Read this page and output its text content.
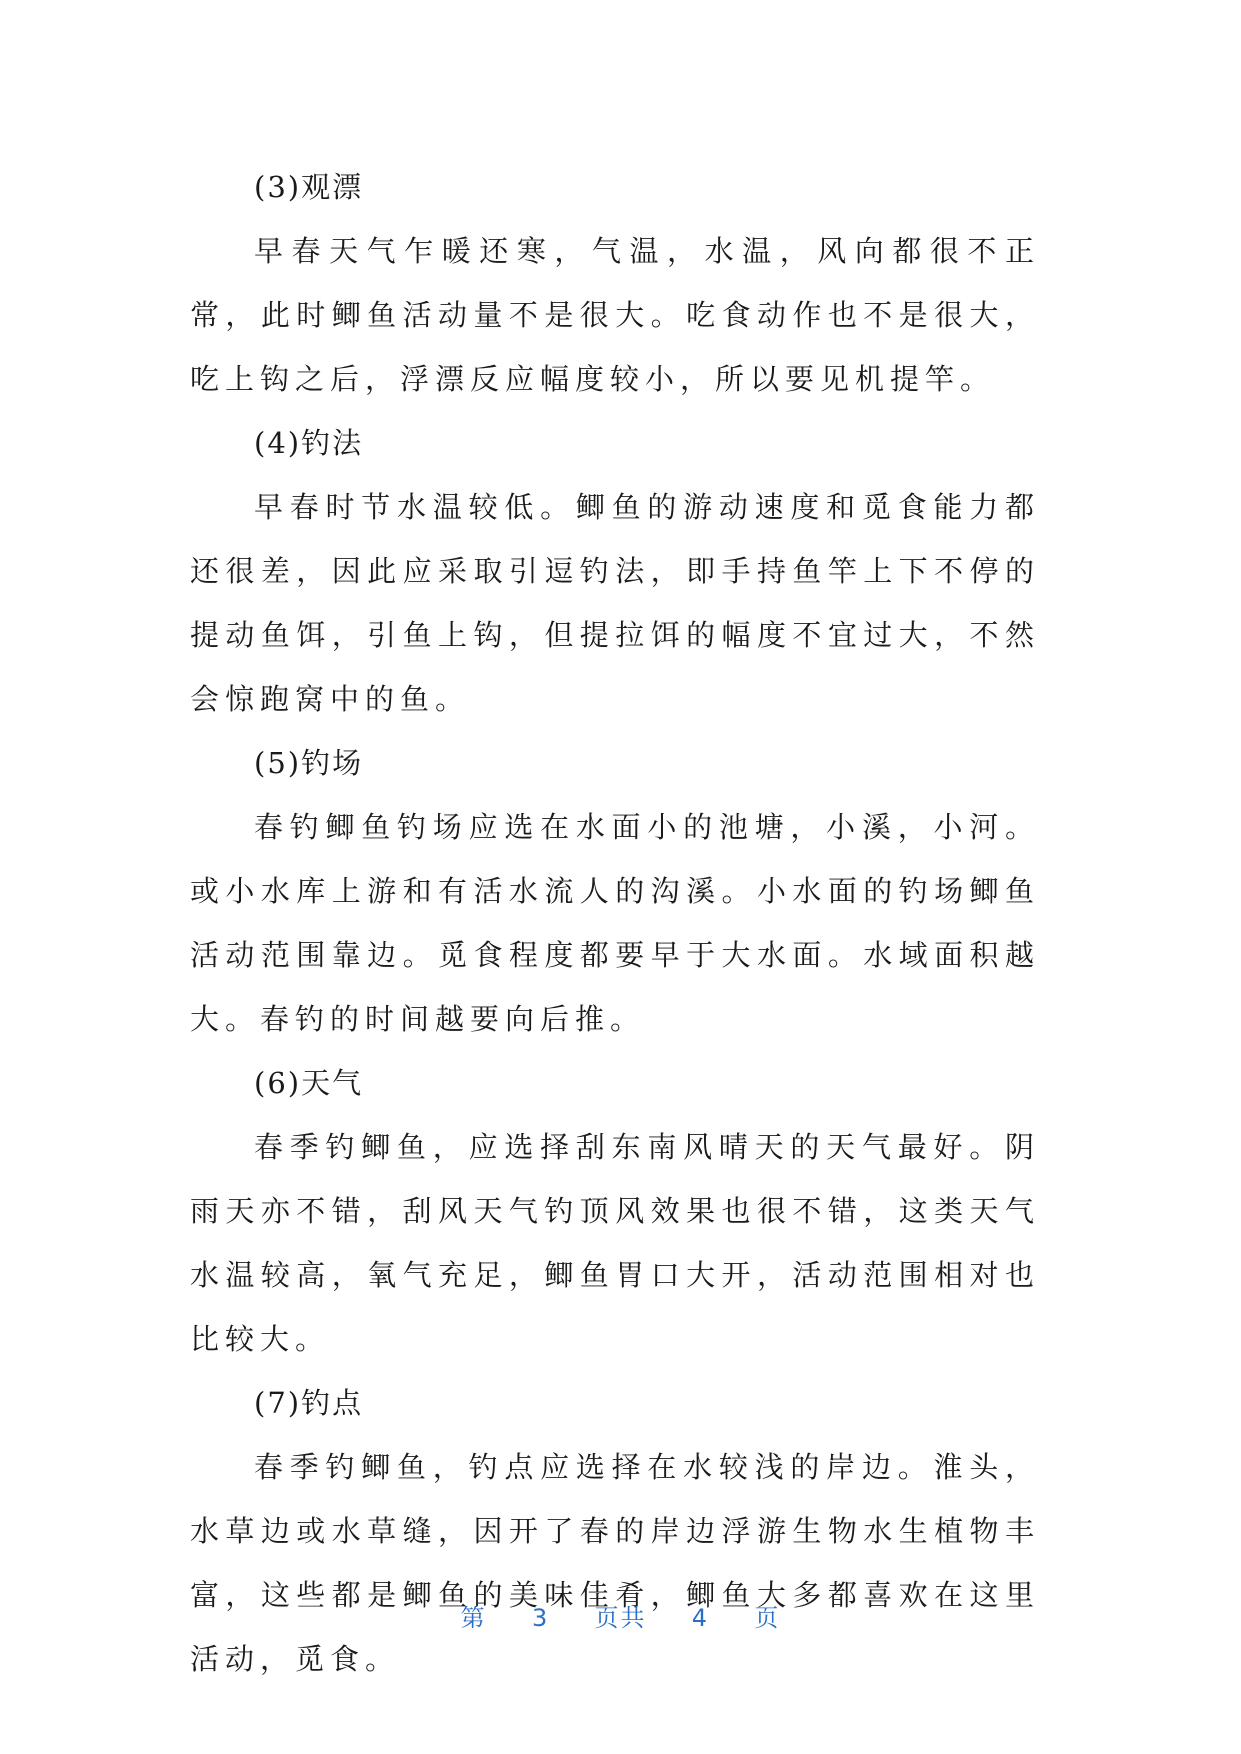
(3)观漂

早春天气乍暖还寒，气温，水温，风向都很不正常，此时鲫鱼活动量不是很大。吃食动作也不是很大，吃上钩之后，浮漂反应幅度较小，所以要见机提竿。

(4)钓法

早春时节水温较低。鲫鱼的游动速度和觅食能力都还很差，因此应采取引逗钓法，即手持鱼竿上下不停的提动鱼饵，引鱼上钩，但提拉饵的幅度不宜过大，不然会惊跑窝中的鱼。

(5)钓场

春钓鲫鱼钓场应选在水面小的池塘，小溪，小河。或小水库上游和有活水流人的沟溪。小水面的钓场鲫鱼活动范围靠边。觅食程度都要早于大水面。水域面积越大。春钓的时间越要向后推。

(6)天气

春季钓鲫鱼，应选择刮东南风晴天的天气最好。阴雨天亦不错，刮风天气钓顶风效果也很不错，这类天气水温较高，氧气充足，鲫鱼胃口大开，活动范围相对也比较大。

(7)钓点

春季钓鲫鱼，钓点应选择在水较浅的岸边。淮头，水草边或水草缝，因开了春的岸边浮游生物水生植物丰富，这些都是鲫鱼的美味佳肴，鲫鱼大多都喜欢在这里活动，觅食。

第 3 页共 4 页
